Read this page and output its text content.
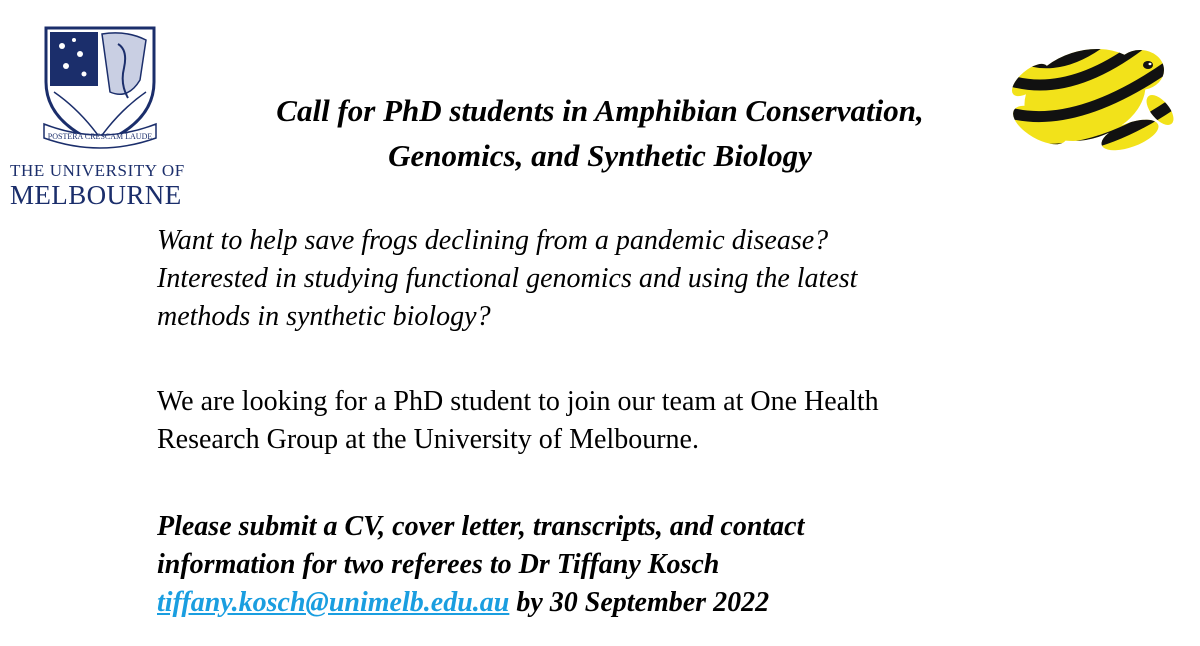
POSTERA CRESCAM LAUDE
THE UNIVERSITY OF
MELBOURNE
Call for PhD students in Amphibian Conservation,
Genomics, and Synthetic Biology
Want to help save frogs declining from a pandemic disease?
Interested in studying functional genomics and using the latest
methods in synthetic biology?
We are looking for a PhD student to join our team at One Health
Research Group at the University of Melbourne.
Please submit a CV, cover letter, transcripts, and contact
information for two referees to Dr Tiffany Kosch
tiffany.kosch@unimelb.edu.au by 30 September 2022
